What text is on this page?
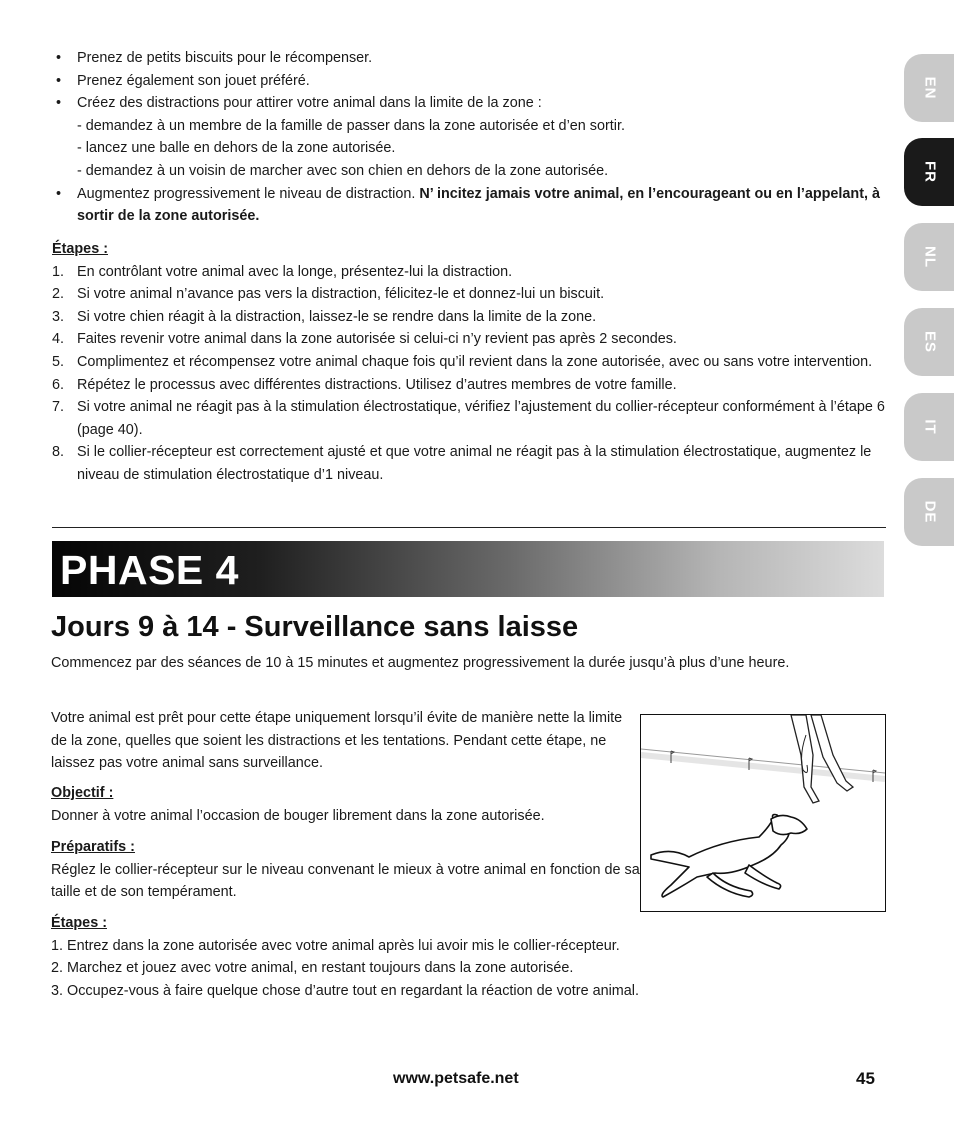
• Prenez de petits biscuits pour le récompenser.
• Prenez également son jouet préféré.
• Créez des distractions pour attirer votre animal dans la limite de la zone :
- demandez à un membre de la famille de passer dans la zone autorisée et d’en sortir.
- lancez une balle en dehors de la zone autorisée.
- demandez à un voisin de marcher avec son chien en dehors de la zone autorisée.
• Augmentez progressivement le niveau de distraction. N’ incitez jamais votre animal, en l’encourageant ou en l’appelant, à sortir de la zone autorisée.
Étapes :
1. En contrôlant votre animal avec la longe, présentez-lui la distraction.
2. Si votre animal n’avance pas vers la distraction, félicitez-le et donnez-lui un biscuit.
3. Si votre chien réagit à la distraction, laissez-le se rendre dans la limite de la zone.
4. Faites revenir votre animal dans la zone autorisée si celui-ci n’y revient pas après 2 secondes.
5. Complimentez et récompensez votre animal chaque fois qu’il revient dans la zone autorisée, avec ou sans votre intervention.
6. Répétez le processus avec différentes distractions. Utilisez d’autres membres de votre famille.
7. Si votre animal ne réagit pas à la stimulation électrostatique, vérifiez l’ajustement du collier-récepteur conformément à l’étape 6 (page 40).
8. Si le collier-récepteur est correctement ajusté et que votre animal ne réagit pas à la stimulation électrostatique, augmentez le niveau de stimulation électrostatique d’1 niveau.
PHASE 4
Jours 9 à 14 - Surveillance sans laisse
Commencez par des séances de 10 à 15 minutes et augmentez progressivement la durée jusqu’à plus d’une heure.
Votre animal est prêt pour cette étape uniquement lorsqu’il évite de manière nette la limite de la zone, quelles que soient les distractions et les tentations. Pendant cette étape, ne laissez pas votre animal sans surveillance.
Objectif :
Donner à votre animal l’occasion de bouger librement dans la zone autorisée.
Préparatifs :
Réglez le collier-récepteur sur le niveau convenant le mieux à votre animal en fonction de sa taille et de son tempérament.
Étapes :
1. Entrez dans la zone autorisée avec votre animal après lui avoir mis le collier-récepteur.
2. Marchez et jouez avec votre animal, en restant toujours dans la zone autorisée.
3. Occupez-vous à faire quelque chose d’autre tout en regardant la réaction de votre animal.
EN
FR
NL
ES
IT
DE
www.petsafe.net	45
